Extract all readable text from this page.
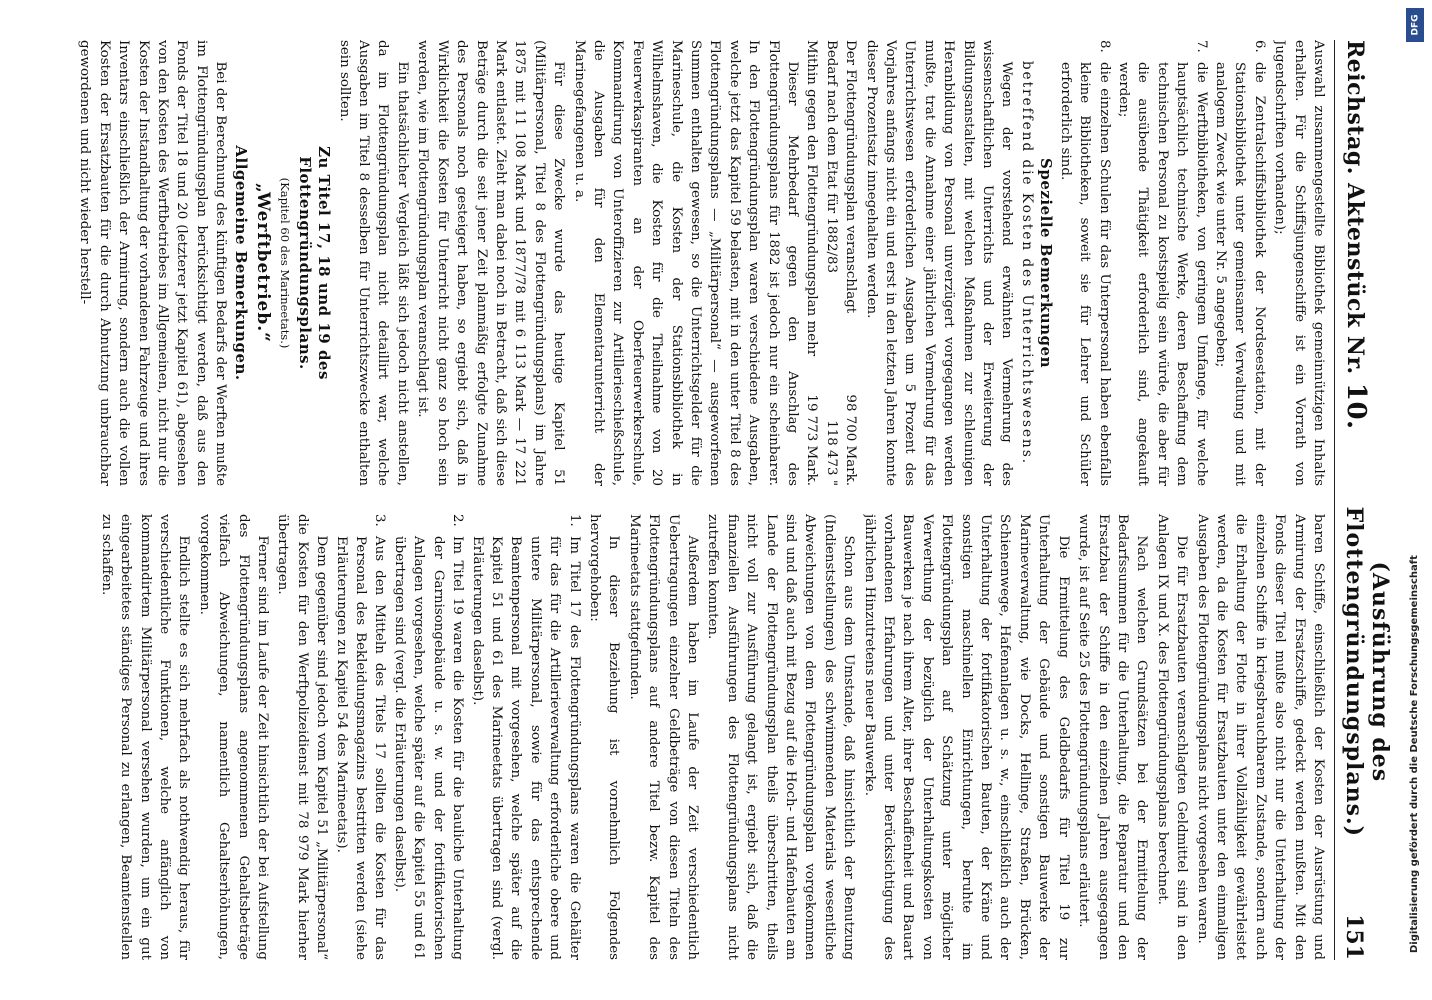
Reichstag. Aktenstück Nr. 10.
(Ausführung des Flottengründungsplans.)
151

Auswahl zusammengestellte Bibliothek gemeinnützigen Inhalts erhalten. Für die Schiffsjungenschiffe ist ein Vorrath von Jugendschriften vorhanden);

6.
die Zentralschiffsbibliothek der Nordseestation, mit der Stationsbibliothek unter gemeinsamer Verwaltung und mit analogem Zweck wie unter Nr. 5 angegeben;
7.
die Werftbibliotheken, von geringem Umfange, für welche hauptsächlich technische Werke, deren Beschaffung dem technischen Personal zu kostspielig sein würde, die aber für die ausübende Thätigkeit erforderlich sind, angekauft werden;
8.
die einzelnen Schulen für das Unterpersonal haben ebenfalls kleine Bibliotheken, soweit sie für Lehrer und Schüler erforderlich sind.
Spezielle Bemerkungen
betreffend die Kosten des Unterrichtswesens.

Wegen der vorstehend erwähnten Vermehrung des wissenschaftlichen Unterrichts und der Erweiterung der Bildungsanstalten, mit welchen Maßnahmen zur schleunigen Heranbildung von Personal unverzügert vorgegangen werden mußte, trat die Annahme einer jährlichen Vermehrung für das Unterrichtswesen erforderlichen Ausgaben um 5 Prozent des Vorjahres anfangs nicht ein und erst in den letzten Jahren konnte dieser Prozentsatz innegehalten werden.

Der Flottengründungsplan veranschlagt
98 700 Mark.
Bedarf nach dem Etat für 1882/83
118 473 "
Mithin gegen den Flottengründungsplan mehr
19 773 Mark.

Dieser Mehrbedarf gegen den Anschlag des Flottengründungsplans für 1882 ist jedoch nur ein scheinbarer. In den Flottengründungsplan waren verschiedene Ausgaben, welche jetzt das Kapitel 59 belasten, mit in den unter Titel 8 des Flottengründungsplans — „Militärpersonal“ — ausgeworfenen Summen enthalten gewesen, so die Unterrichtsgelder für die Marineschule, die Kosten der Stationsbibliothek in Wilhelmshaven, die Kosten für die Theilnahme von 20 Feuerwerkaspiranten an der Oberfeuerwerkerschule, Kommandirung von Unteroffizieren zur Artillerieschießschule, die Ausgaben für den Elementarunterricht der Marinegefangenen u. a.

Für diese Zwecke wurde das heutige Kapitel 51 (Militärpersonal, Titel 8 des Flottengründungsplans) im Jahre 1875 mit 11 108 Mark und 1877/78 mit 6 113 Mark — 17 221 Mark entlastet. Zieht man dabei noch in Betracht, daß sich diese Beträge durch die seit jener Zeit planmäßig erfolgte Zunahme des Personals noch gesteigert haben, so ergiebt sich, daß in Wirklichkeit die Kosten für Unterricht nicht ganz so hoch sein werden, wie im Flottengründungsplan veranschlagt ist.

Ein thatsächlicher Vergleich läßt sich jedoch nicht anstellen, da im Flottengründungsplan nicht detaillirt war, welche Ausgaben im Titel 8 desselben für Unterrichtszwecke enthalten sein sollten.

Zu Titel 17, 18 und 19 des Flottengründungsplans.
(Kapitel 60 des Marineetats.)
„Werftbetrieb.“
Allgemeine Bemerkungen.

Bei der Berechnung des künftigen Bedarfs der Werften mußte im Flottengründungsplan berücksichtigt werden, daß aus den Fonds der Titel 18 und 20 (letzterer jetzt Kapitel 61), abgesehen von den Kosten des Werftbetriebes im Allgemeinen, nicht nur die Kosten der Instandhaltung der vorhandenen Fahrzeuge und ihres Inventars einschließlich der Armirung, sondern auch die vollen Kosten der Ersatzbauten für die durch Abnutzung unbrauchbar gewordenen und nicht wieder herstell-

baren Schiffe, einschließlich der Kosten der Ausrüstung und Armirung der Ersatzschiffe, gedeckt werden mußten. Mit den Fonds dieser Titel mußte also nicht nur die Unterhaltung der einzelnen Schiffe in kriegsbrauchbarem Zustande, sondern auch die Erhaltung der Flotte in ihrer Vollzähligkeit gewährleistet werden, da die Kosten für Ersatzbauten unter den einmaligen Ausgaben des Flottengründungsplans nicht vorgesehen waren.

Die für Ersatzbauten veranschlagten Geldmittel sind in den Anlagen IX und X. des Flottengründungsplans berechnet.

Nach welchen Grundsätzen bei der Ermittelung der Bedarfssummen für die Unterhaltung, die Reparatur und den Ersatzbau der Schiffe in den einzelnen Jahren ausgegangen wurde, ist auf Seite 25 des Flottengründungsplans erläutert.

Die Ermittelung des Geldbedarfs für Titel 19 zur Unterhaltung der Gebäude und sonstigen Bauwerke der Marineverwaltung, wie Docks, Hellinge, Straßen, Brücken, Schienenwege, Hafenanlagen u. s. w., einschließlich auch der Unterhaltung der fortifikatorischen Bauten, der Kräne und sonstigen maschinellen Einrichtungen, beruhte im Flottengründungsplan auf Schätzung unter möglicher Verwerthung der bezüglich der Unterhaltungskosten von Bauwerken je nach ihrem Alter, ihrer Beschaffenheit und Bauart vorhandenen Erfahrungen und unter Berücksichtigung des jährlichen Hinzutretens neuer Bauwerke.

Schon aus dem Umstande, daß hinsichtlich der Benutzung (Indienststellungen) des schwimmenden Materials wesentliche Abweichungen von dem Flottengründungsplan vorgekommen sind und daß auch mit Bezug auf die Hoch- und Hafenbauten am Lande der Flottengründungsplan theils überschritten, theils nicht voll zur Ausführung gelangt ist, ergiebt sich, daß die finanziellen Ausführungen des Flottengründungsplans nicht zutreffen konnten.

Außerdem haben im Laufe der Zeit verschiedentlich Uebertragungen einzelner Geldbeträge von diesen Titeln des Flottengründungsplans auf andere Titel bezw. Kapitel des Marineetats stattgefunden.

In dieser Beziehung ist vornehmlich Folgendes hervorgehoben:

1.
Im Titel 17 des Flottengründungsplans waren die Gehälter für das für die Artillerieverwaltung erforderliche obere und untere Militärpersonal, sowie für das entsprechende Beamtenpersonal mit vorgesehen, welche später auf die Kapitel 51 und 61 des Marineetats übertragen sind (vergl. Erläuterungen daselbst).
2.
Im Titel 19 waren die Kosten für die bauliche Unterhaltung der Garnisongebäude u. s. w. und der fortifikatorischen Anlagen vorgesehen, welche später auf die Kapitel 55 und 61 übertragen sind (vergl. die Erläuterungen daselbst).
3.
Aus den Mitteln des Titels 17 sollten die Kosten für das Personal des Bekleidungsmagazins bestritten werden (siehe Erläuterungen zu Kapitel 54 des Marineetats).

Dem gegenüber sind jedoch vom Kapitel 51 „Militärpersonal“ die Kosten für den Werftpolizeidienst mit 78 979 Mark hierher übertragen.

Ferner sind im Laufe der Zeit hinsichtlich der bei Aufstellung des Flottengründungsplans angenommenen Gehaltsbeträge vielfach Abweichungen, namentlich Gehaltserhöhungen, vorgekommen.

Endlich stellte es sich mehrfach als nothwendig heraus, für verschiedentliche Funktionen, welche anfänglich von kommandirtem Militärpersonal versehen wurden, um ein gut eingearbeitetes ständiges Personal zu erlangen, Beamtenstellen zu schaffen.

Digitalisierung gefördert durch die Deutsche Forschungsgemeinschaft
DFG
